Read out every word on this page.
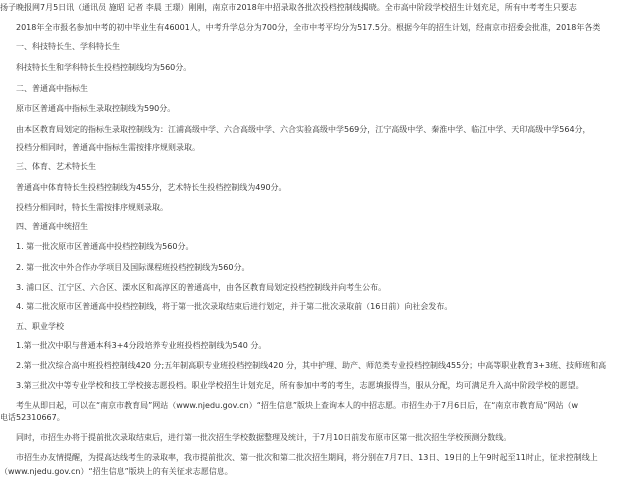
扬子晚报网7月5日讯（通讯员 施昭 记者 李晨 王璟）刚刚，南京市2018年中招录取各批次投档控制线揭晓。全市高中阶段学校招生计划充足，所有中考考生只要志
2018年全市报名参加中考的初中毕业生有46001人，中考升学总分为700分，全市中考平均分为517.5分。根据今年的招生计划，经南京市招委会批准，2018年各类
一、科技特长生、学科特长生
科技特长生和学科特长生投档控制线均为560分。
二、普通高中指标生
原市区普通高中指标生录取控制线为590分。
由本区教育局划定的指标生录取控制线为：江浦高级中学、六合高级中学、六合实验高级中学569分，江宁高级中学、秦淮中学、临江中学、天印高级中学564分，
投档分相同时，普通高中指标生需按排序规则录取。
三、体育、艺术特长生
普通高中体育特长生投档控制线为455分，艺术特长生投档控制线为490分。
投档分相同时，特长生需按排序规则录取。
四、普通高中统招生
1. 第一批次原市区普通高中投档控制线为560分。
2. 第一批次中外合作办学项目及国际课程班投档控制线为560分。
3. 浦口区、江宁区、六合区、溧水区和高淳区的普通高中，由各区教育局划定投档控制线并向考生公布。
4. 第二批次原市区普通高中投档控制线，将于第一批次录取结束后进行划定，并于第二批次录取前（16日前）向社会发布。
五、职业学校
1.第一批次中职与普通本科3+4分段培养专业班投档控制线为540 分。
2.第一批次综合高中班投档控制线420 分;五年制高职专业班投档控制线420 分，其中护理、助产、师范类专业投档控制线455分；中高等职业教育3+3班、技师班和高
3.第三批次中等专业学校和技工学校接志愿投档。职业学校招生计划充足，所有参加中考的考生，志愿填报得当，服从分配，均可满足升入高中阶段学校的愿望。
考生从即日起，可以在“南京市教育局”网站（www.njedu.gov.cn）“招生信息”版块上查询本人的中招志愿。市招生办于7月6日后，在“南京市教育局”网站（w
电话52310667。
同时，市招生办将于提前批次录取结束后，进行第一批次招生学校数据整理及统计，于7月10日前发布原市区第一批次招生学校预测分数线。
市招生办友情提醒，为提高达线考生的录取率，我市提前批次、第一批次和第二批次招生期间，将分别在7月7日、13日、19日的上午9时起至11时止，征求控制线上
（www.njedu.gov.cn）“招生信息”版块上的有关征求志愿信息。
